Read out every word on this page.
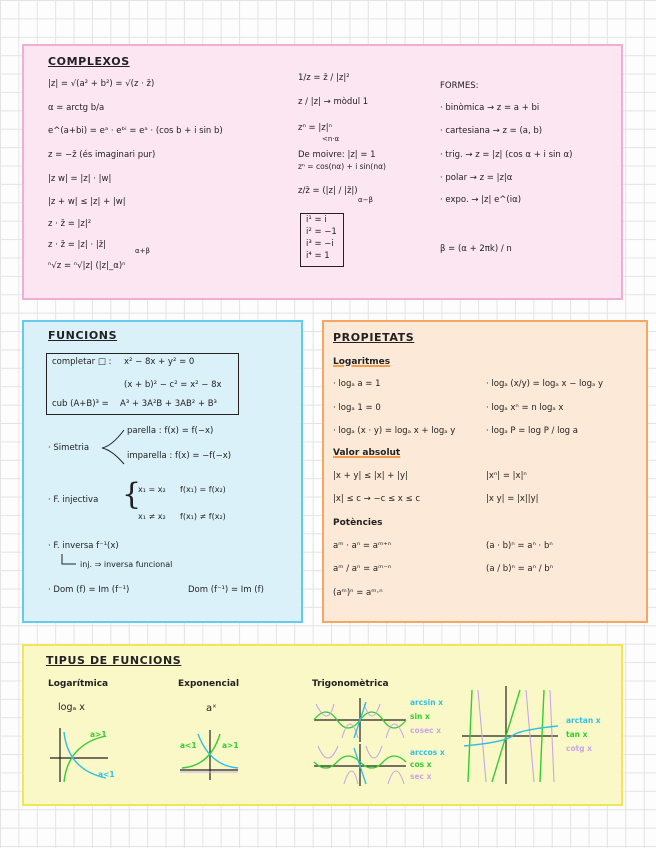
COMPLEXOS
|z| = √(a² + b²) = √(z · z̄)
α = arctg b/a
e^(a+bi) = eᵃ · eᵇⁱ = eᵃ · (cos b + i sin b)
z = −z̄ (és imaginari pur)
|z w| = |z| · |w|
|z + w| ≤ |z| + |w|
z · z̄ = |z|²
z · z̄ = |z| · |z̄|
α+β
ⁿ√z = ⁿ√|z| (|z|_α)ⁿ
1/z = z̄ / |z|²
z / |z| → mòdul 1
zⁿ = |z|ⁿ
<n·α
De moivre: |z| = 1
zⁿ = cos(nα) + i sin(nα)
z/z̄ = (|z| / |z̄|)
α−β
i¹ = i
i² = −1
i³ = −i
i⁴ = 1
FORMES:
· binòmica → z = a + bi
· cartesiana → z = (a, b)
· trig. → z = |z| (cos α + i sin α)
· polar → z = |z|α
· expo. → |z| e^(iα)
β = (α + 2πk) / n
FUNCIONS
completar □ : x² − 8x + y² = 0
(x + b)² − c² = x² − 8x
cub (A+B)³ = A³ + 3A²B + 3AB² + B³
· Simetria
parella : f(x) = f(−x)
imparella : f(x) = −f(−x)
· F. injectiva {
x₁ = x₂ f(x₁) = f(x₂)
x₁ ≠ x₂ f(x₁) ≠ f(x₂)
· F. inversa f⁻¹(x)
inj. ⇒ inversa funcional
· Dom (f) = Im (f⁻¹)	Dom (f⁻¹) = Im (f)
PROPIETATS
Logaritmes
· logₐ a = 1
· logₐ 1 = 0
· logₐ (x · y) = logₐ x + logₐ y
· logₐ (x/y) = logₐ x − logₐ y
· logₐ xⁿ = n logₐ x
· logₐ P = log P / log a
Valor absolut
|x + y| ≤ |x| + |y|
|x| ≤ c → −c ≤ x ≤ c
|xⁿ| = |x|ⁿ
|x y| = |x||y|
Potències
aᵐ · aⁿ = aᵐ⁺ⁿ
aᵐ / aⁿ = aᵐ⁻ⁿ
(aᵐ)ⁿ = aᵐ·ⁿ
(a · b)ⁿ = aⁿ · bⁿ
(a / b)ⁿ = aⁿ / bⁿ
TIPUS DE FUNCIONS
Logarítmica
logₐ x
Exponencial
aˣ
Trigonomètrica
a>1
a<1
a<1	a>1
arcsin x
sin x
cosec x
arccos x
cos x
sec x
arctan x
tan x
cotg x
